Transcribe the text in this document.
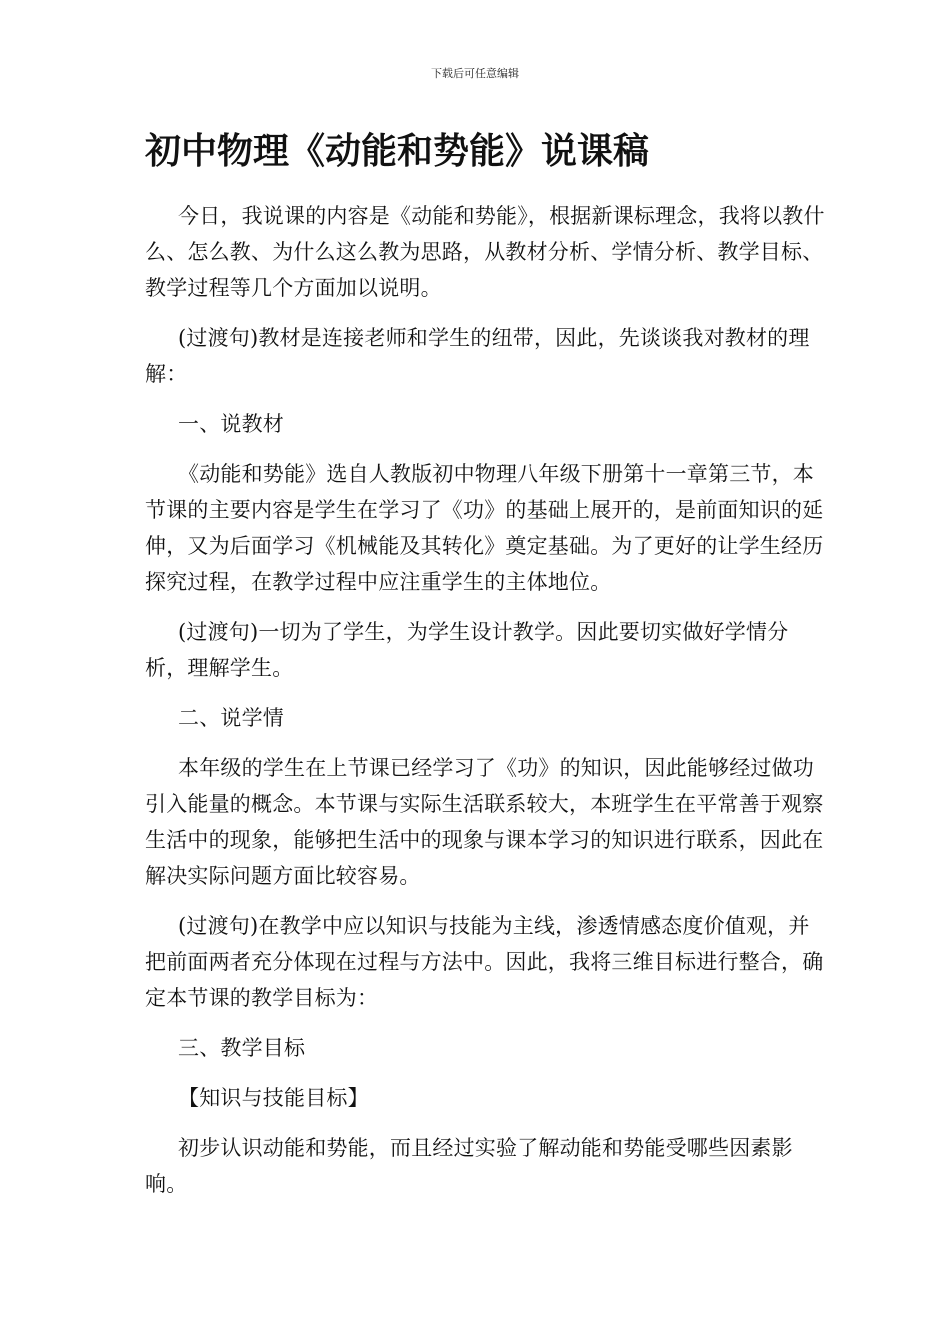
下载后可任意编辑
初中物理《动能和势能》说课稿

今日，我说课的内容是《动能和势能》，根据新课标理念，我将以教什么、怎么教、为什么这么教为思路，从教材分析、学情分析、教学目标、教学过程等几个方面加以说明。

(过渡句)教材是连接老师和学生的纽带，因此，先谈谈我对教材的理解：

一、说教材

《动能和势能》选自人教版初中物理八年级下册第十一章第三节，本节课的主要内容是学生在学习了《功》的基础上展开的，是前面知识的延伸，又为后面学习《机械能及其转化》奠定基础。为了更好的让学生经历探究过程，在教学过程中应注重学生的主体地位。

(过渡句)一切为了学生，为学生设计教学。因此要切实做好学情分析，理解学生。

二、说学情

本年级的学生在上节课已经学习了《功》的知识，因此能够经过做功引入能量的概念。本节课与实际生活联系较大，本班学生在平常善于观察生活中的现象，能够把生活中的现象与课本学习的知识进行联系，因此在解决实际问题方面比较容易。

(过渡句)在教学中应以知识与技能为主线，渗透情感态度价值观，并把前面两者充分体现在过程与方法中。因此，我将三维目标进行整合，确定本节课的教学目标为：

三、教学目标

【知识与技能目标】

初步认识动能和势能，而且经过实验了解动能和势能受哪些因素影响。
